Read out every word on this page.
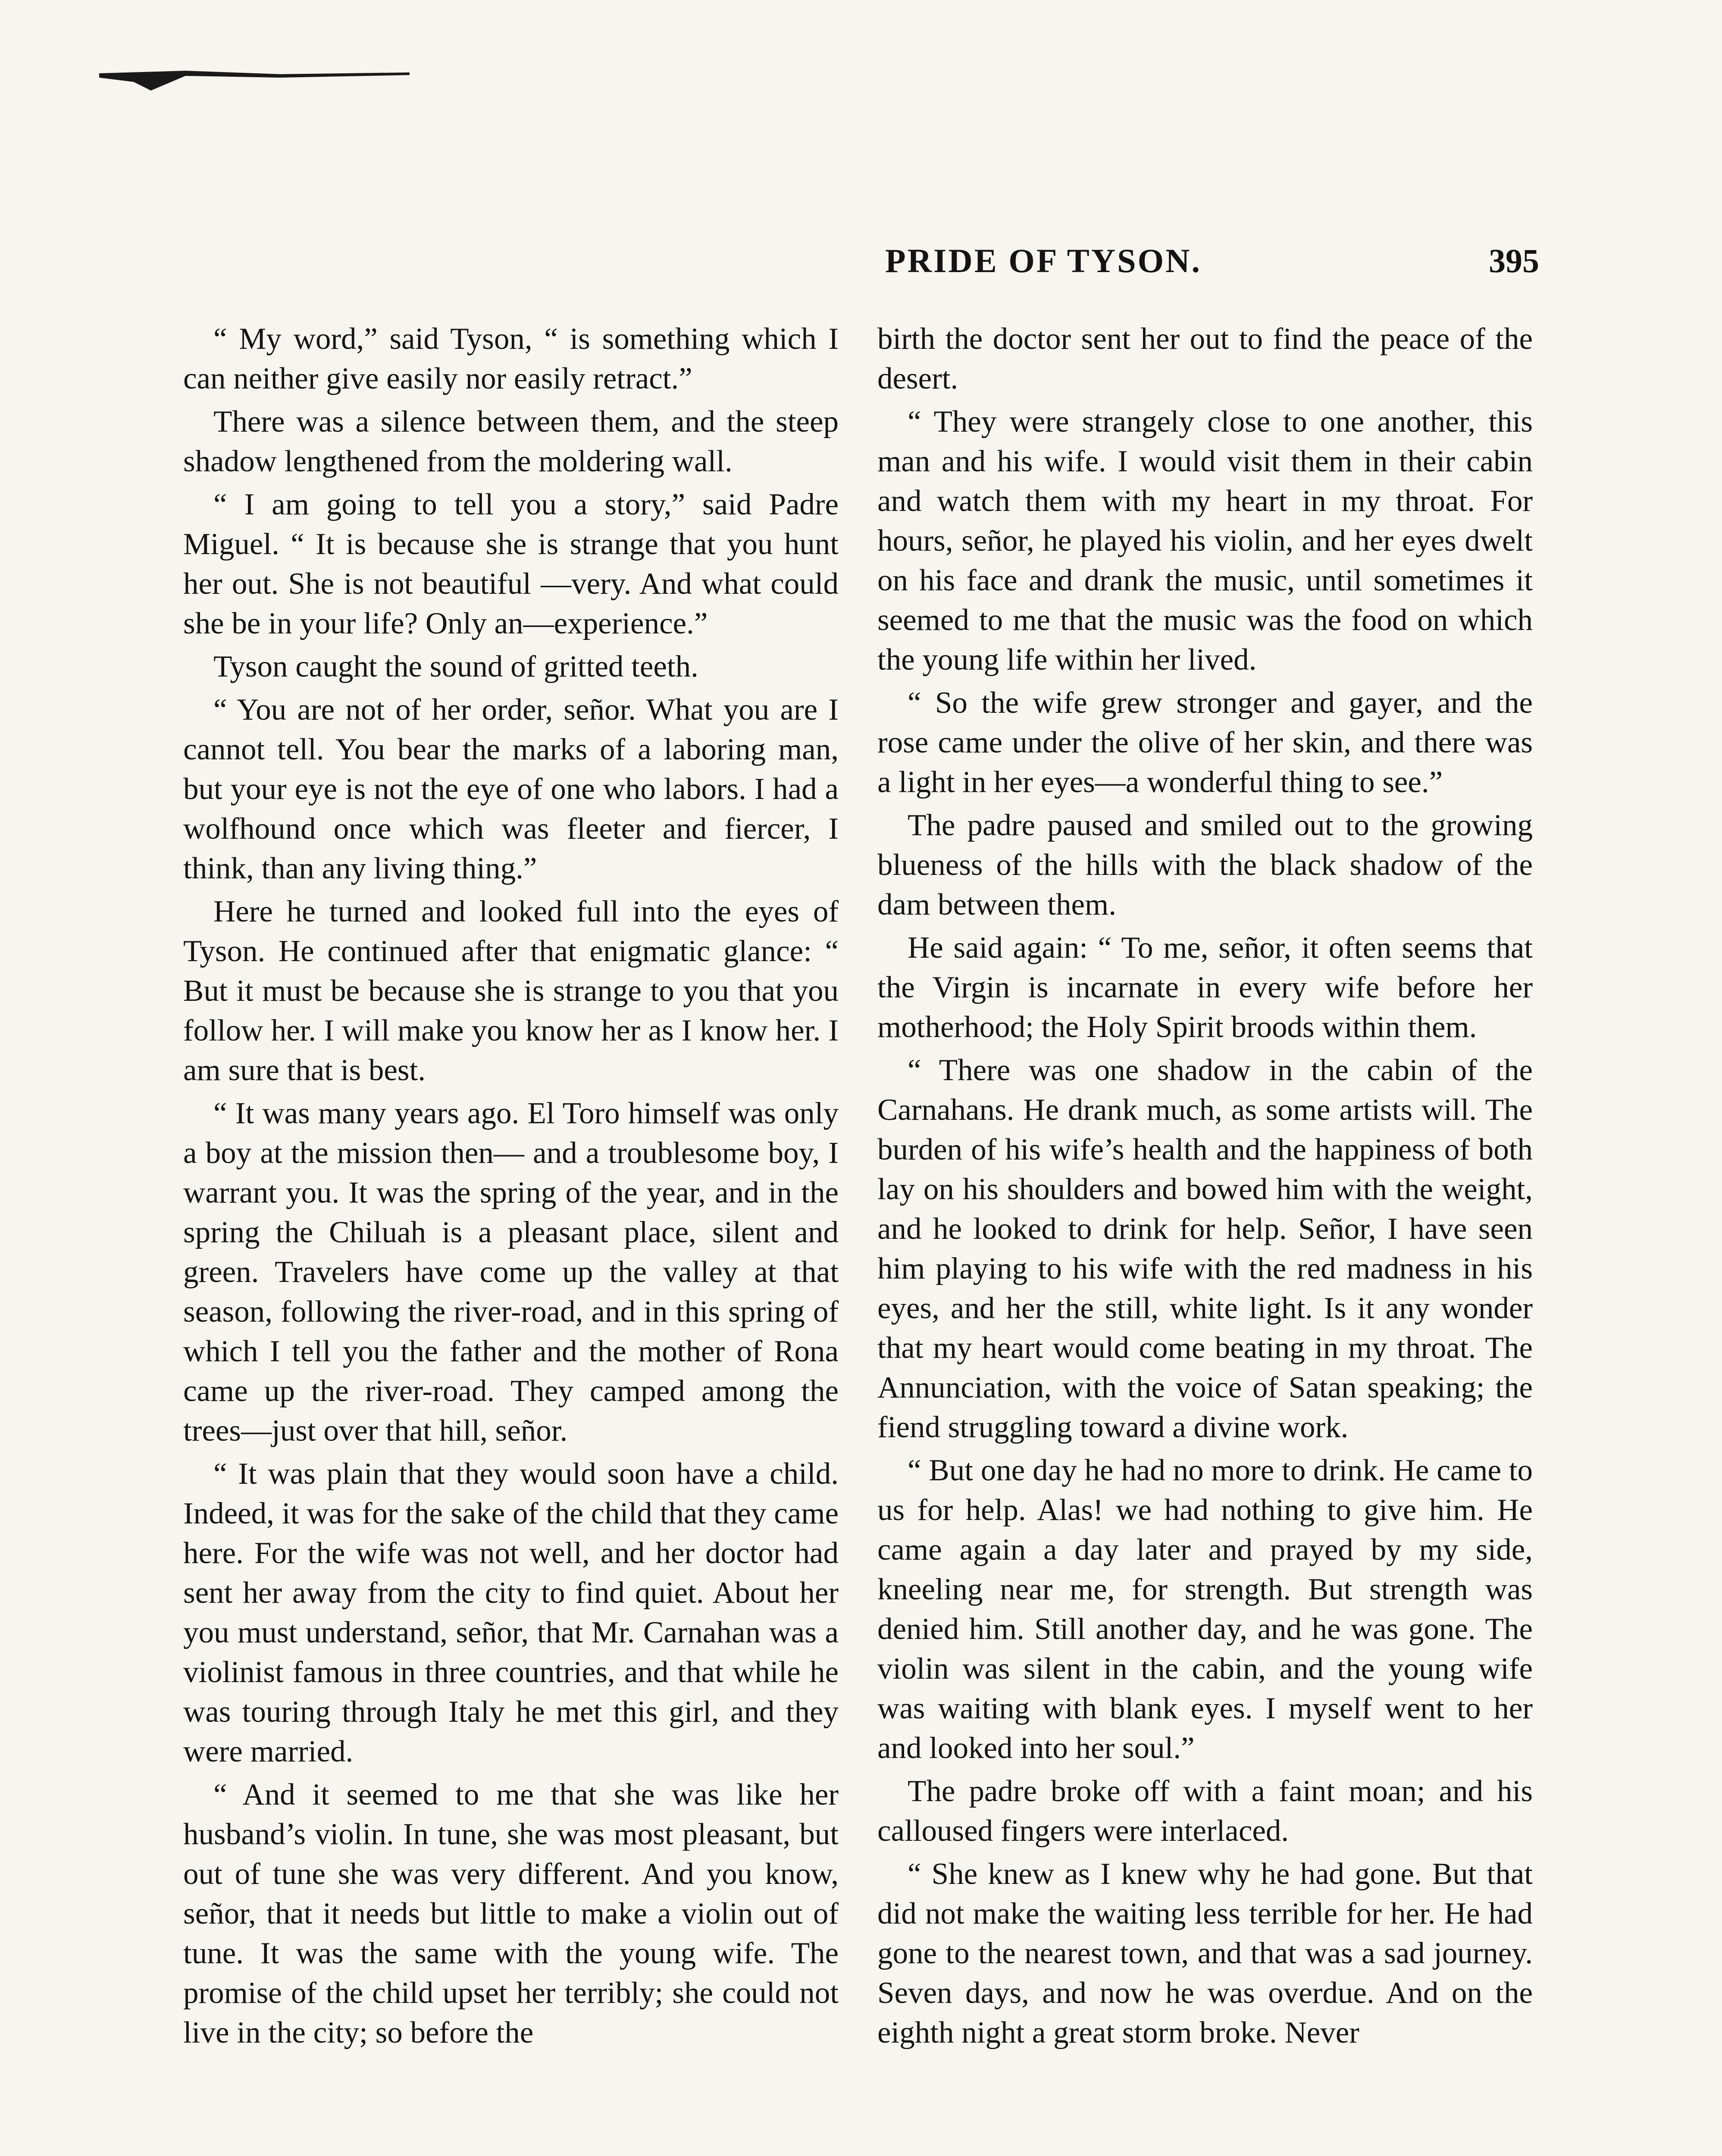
PRIDE OF TYSON.	395

“ My word,” said Tyson, “ is something which I can neither give easily nor easily retract.”

There was a silence between them, and the steep shadow lengthened from the moldering wall.

“ I am going to tell you a story,” said Padre Miguel. “ It is because she is strange that you hunt her out. She is not beautiful —very. And what could she be in your life? Only an—experience.”

Tyson caught the sound of gritted teeth.

“ You are not of her order, señor. What you are I cannot tell. You bear the marks of a laboring man, but your eye is not the eye of one who labors. I had a wolfhound once which was fleeter and fiercer, I think, than any living thing.”

Here he turned and looked full into the eyes of Tyson. He continued after that enigmatic glance: “ But it must be because she is strange to you that you follow her. I will make you know her as I know her. I am sure that is best.

“ It was many years ago. El Toro himself was only a boy at the mission then— and a troublesome boy, I warrant you. It was the spring of the year, and in the spring the Chiluah is a pleasant place, silent and green. Travelers have come up the valley at that season, following the river-road, and in this spring of which I tell you the father and the mother of Rona came up the river-road. They camped among the trees—just over that hill, señor.

“ It was plain that they would soon have a child. Indeed, it was for the sake of the child that they came here. For the wife was not well, and her doctor had sent her away from the city to find quiet. About her you must understand, señor, that Mr. Carnahan was a violinist famous in three countries, and that while he was touring through Italy he met this girl, and they were married.

“ And it seemed to me that she was like her husband’s violin. In tune, she was most pleasant, but out of tune she was very different. And you know, señor, that it needs but little to make a violin out of tune. It was the same with the young wife. The promise of the child upset her terribly; she could not live in the city; so before the

birth the doctor sent her out to find the peace of the desert.

“ They were strangely close to one another, this man and his wife. I would visit them in their cabin and watch them with my heart in my throat. For hours, señor, he played his violin, and her eyes dwelt on his face and drank the music, until sometimes it seemed to me that the music was the food on which the young life within her lived.

“ So the wife grew stronger and gayer, and the rose came under the olive of her skin, and there was a light in her eyes—a wonderful thing to see.”

The padre paused and smiled out to the growing blueness of the hills with the black shadow of the dam between them.

He said again: “ To me, señor, it often seems that the Virgin is incarnate in every wife before her motherhood; the Holy Spirit broods within them.

“ There was one shadow in the cabin of the Carnahans. He drank much, as some artists will. The burden of his wife’s health and the happiness of both lay on his shoulders and bowed him with the weight, and he looked to drink for help. Señor, I have seen him playing to his wife with the red madness in his eyes, and her the still, white light. Is it any wonder that my heart would come beating in my throat. The Annunciation, with the voice of Satan speaking; the fiend struggling toward a divine work.

“ But one day he had no more to drink. He came to us for help. Alas! we had nothing to give him. He came again a day later and prayed by my side, kneeling near me, for strength. But strength was denied him. Still another day, and he was gone. The violin was silent in the cabin, and the young wife was waiting with blank eyes. I myself went to her and looked into her soul.”

The padre broke off with a faint moan; and his calloused fingers were interlaced.

“ She knew as I knew why he had gone. But that did not make the waiting less terrible for her. He had gone to the nearest town, and that was a sad journey. Seven days, and now he was overdue. And on the eighth night a great storm broke. Never
